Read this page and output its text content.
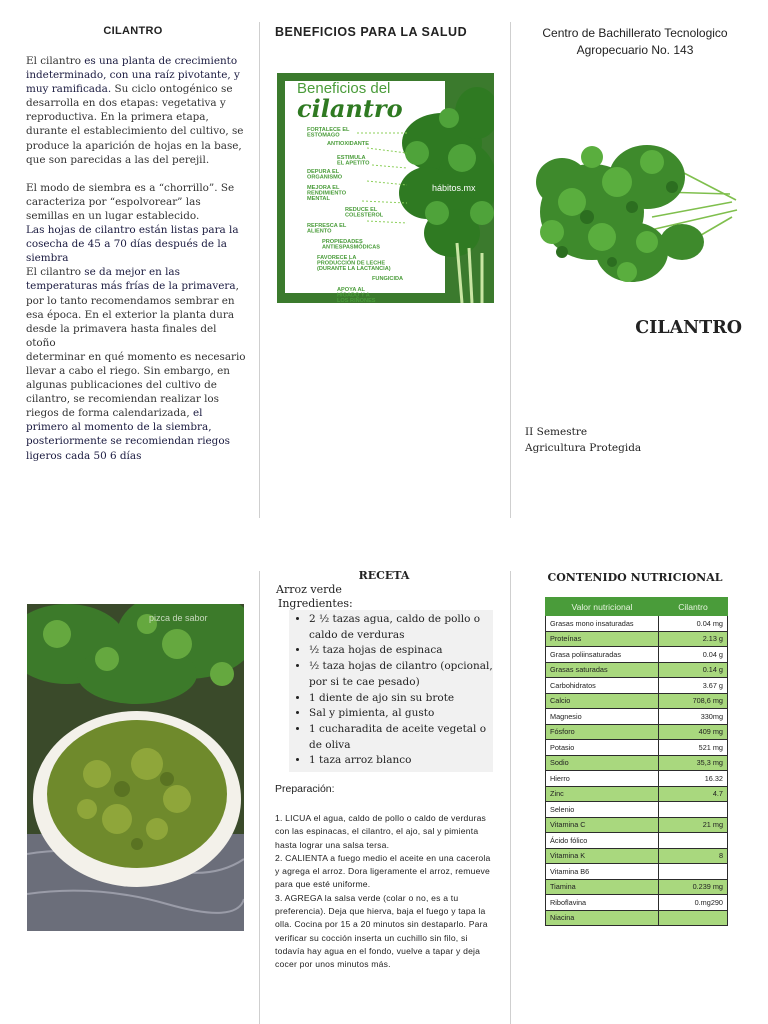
CILANTRO

El cilantro es una planta de crecimiento indeterminado, con una raíz pivotante, y muy ramificada. Su ciclo ontogénico se desarrolla en dos etapas: vegetativa y reproductiva. En la primera etapa, durante el establecimiento del cultivo, se produce la aparición de hojas en la base, que son parecidas a las del perejil.

El modo de siembra es a “chorrillo”. Se caracteriza por “espolvorear” las semillas en un lugar establecido.

Las hojas de cilantro están listas para la cosecha de 45 a 70 días después de la siembra

El cilantro se da mejor en las temperaturas más frías de la primavera, por lo tanto recomendamos sembrar en esa época. En el exterior la planta dura desde la primavera hasta finales del otoño

determinar en qué momento es necesario llevar a cabo el riego. Sin embargo, en algunas publicaciones del cultivo de cilantro, se recomiendan realizar los riegos de forma calendarizada, el primero al momento de la siembra, posteriormente se recomiendan riegos ligeros cada 50 6 días

BENEFICIOS PARA LA SALUD
Beneficios del
cilantro
hábitos.mx
FORTALECE EL
ESTÓMAGO
ANTIOXIDANTE
ESTIMULA
EL APETITO
DEPURA EL
ORGANISMO
MEJORA EL
RENDIMIENTO
MENTAL
REDUCE EL
COLESTEROL
REFRESCA EL
ALIENTO
PROPIEDADES
ANTIESPASMÓDICAS
FAVORECE LA
PRODUCCIÓN DE LECHE
(DURANTE LA LACTANCIA)
FUNGICIDA
APOYA AL
HÍGADO Y A
LOS RIÑONES
Centro de Bachillerato Tecnologico
Agropecuario No. 143
CILANTRO
II Semestre
Agricultura Protegida
pizca de sabor
RECETA
Arroz verde
Ingredientes:
• 2 ½ tazas agua, caldo de pollo o caldo de verduras
• ½ taza hojas de espinaca
• ½ taza hojas de cilantro (opcional, por si te cae pesado)
• 1 diente de ajo sin su brote
• Sal y pimienta, al gusto
• 1 cucharadita de aceite vegetal o de oliva
• 1 taza arroz blanco
Preparación:

1. LICUA el agua, caldo de pollo o caldo de verduras con las espinacas, el cilantro, el ajo, sal y pimienta hasta lograr una salsa tersa.

2. CALIENTA a fuego medio el aceite en una cacerola y agrega el arroz. Dora ligeramente el arroz, remueve para que esté uniforme.

3. AGREGA la salsa verde (colar o no, es a tu preferencia). Deja que hierva, baja el fuego y tapa la olla. Cocina por 15 a 20 minutos sin destaparlo. Para verificar su cocción inserta un cuchillo sin filo, si todavía hay agua en el fondo, vuelve a tapar y deja cocer por unos minutos más.

CONTENIDO NUTRICIONAL
Valor nutricional	Cilantro
Grasas mono insaturadas	0.04 mg
Proteínas	2.13 g
Grasa poliinsaturadas	0.04 g
Grasas saturadas	0.14 g
Carbohidratos	3.67 g
Calcio	708,6 mg
Magnesio	330mg
Fósforo	409 mg
Potasio	521 mg
Sodio	35,3 mg
Hierro	16.32
Zinc	4.7
Selenio	
Vitamina C	21 mg
Ácido fólico	
Vitamina K	8
Vitamina B6	
Tiamina	0.239 mg
Riboflavina	0.mg290
Niacina	
